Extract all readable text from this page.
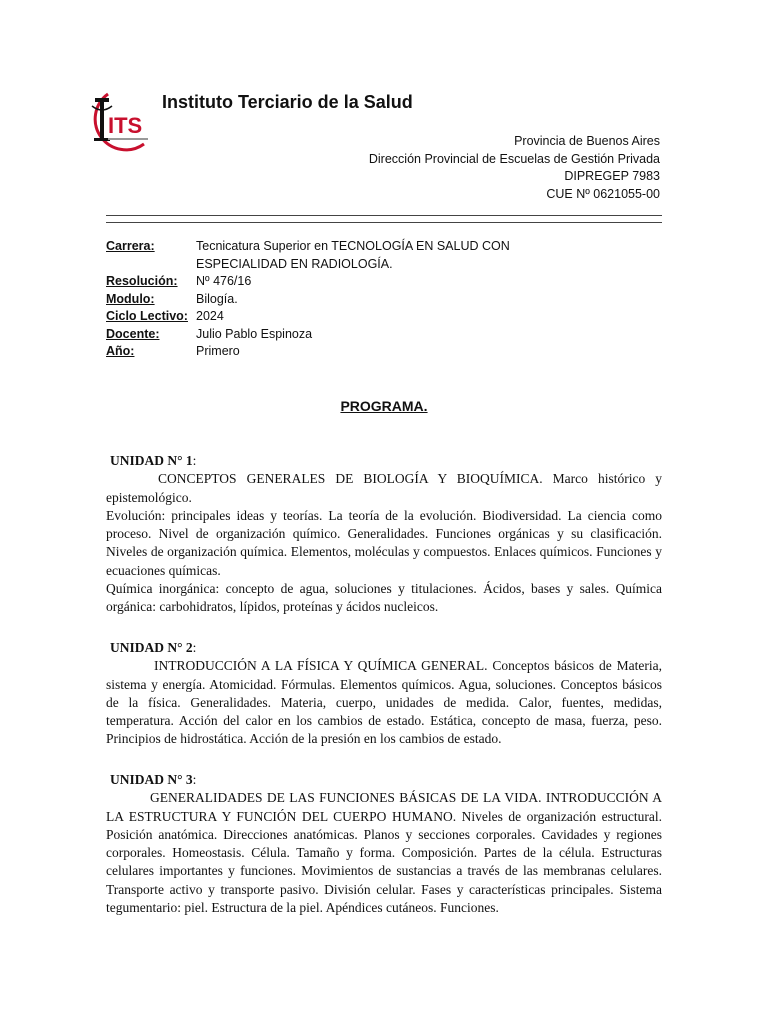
ITS
Instituto Terciario de la Salud
Provincia de Buenos Aires
Dirección Provincial de Escuelas de Gestión Privada
DIPREGEP 7983
CUE Nº 0621055-00
Carrera:	Tecnicatura Superior en TECNOLOGÍA EN SALUD CON ESPECIALIDAD EN RADIOLOGÍA.
Resolución:	Nº 476/16
Modulo:	Bilogía.
Ciclo Lectivo: 2024
Docente:	Julio Pablo Espinoza
Año:	Primero
PROGRAMA.
UNIDAD N° 1:
CONCEPTOS GENERALES DE BIOLOGÍA Y BIOQUÍMICA. Marco histórico y epistemológico.
Evolución: principales ideas y teorías. La teoría de la evolución. Biodiversidad. La ciencia como proceso. Nivel de organización químico. Generalidades. Funciones orgánicas y su clasificación. Niveles de organización química. Elementos, moléculas y compuestos. Enlaces químicos. Funciones y ecuaciones químicas.
Química inorgánica: concepto de agua, soluciones y titulaciones. Ácidos, bases y sales. Química orgánica: carbohidratos, lípidos, proteínas y ácidos nucleicos.
UNIDAD N° 2:
INTRODUCCIÓN A LA FÍSICA Y QUÍMICA GENERAL. Conceptos básicos de Materia, sistema y energía. Atomicidad. Fórmulas. Elementos químicos. Agua, soluciones. Conceptos básicos de la física. Generalidades. Materia, cuerpo, unidades de medida. Calor, fuentes, medidas, temperatura. Acción del calor en los cambios de estado. Estática, concepto de masa, fuerza, peso. Principios de hidrostática. Acción de la presión en los cambios de estado.
UNIDAD N° 3:
GENERALIDADES DE LAS FUNCIONES BÁSICAS DE LA VIDA. INTRODUCCIÓN A LA ESTRUCTURA Y FUNCIÓN DEL CUERPO HUMANO. Niveles de organización estructural. Posición anatómica. Direcciones anatómicas. Planos y secciones corporales. Cavidades y regiones corporales. Homeostasis. Célula. Tamaño y forma. Composición. Partes de la célula. Estructuras celulares importantes y funciones. Movimientos de sustancias a través de las membranas celulares. Transporte activo y transporte pasivo. División celular. Fases y características principales. Sistema tegumentario: piel. Estructura de la piel. Apéndices cutáneos. Funciones.
